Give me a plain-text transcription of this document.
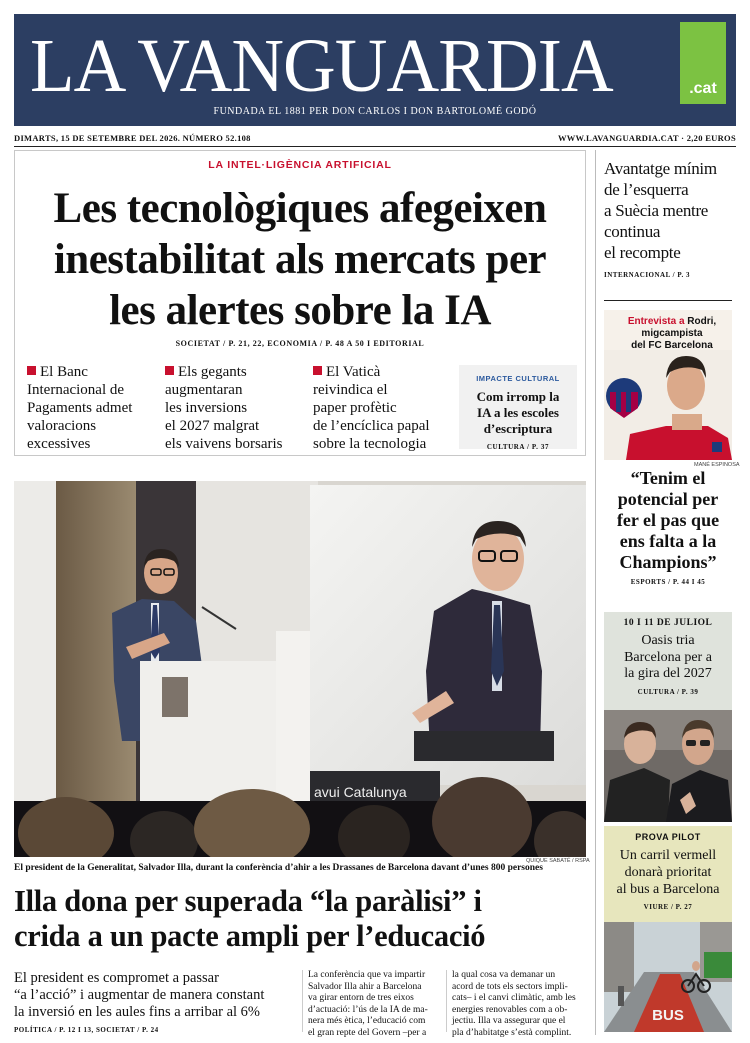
LA VANGUARDIA	.cat
FUNDADA EL 1881 PER DON CARLOS I DON BARTOLOMÉ GODÓ
DIMARTS, 15 DE SETEMBRE DEL 2026. NÚMERO 52.108	WWW.LAVANGUARDIA.CAT · 2,20 EUROS
LA INTEL·LIGÈNCIA ARTIFICIAL
Les tecnològiques afegeixen
inestabilitat als mercats per
les alertes sobre la IA
SOCIETAT / P. 21, 22, ECONOMIA / P. 48 A 50 I EDITORIAL
El Banc
Internacional de
Pagaments admet
valoracions
excessives
Els gegants
augmentaran
les inversions
el 2027 malgrat
els vaivens borsaris
El Vaticà
reivindica el
paper profètic
de l’encíclica papal
sobre la tecnologia
IMPACTE CULTURAL
Com irromp la
IA a les escoles
d’escriptura
CULTURA / P. 37
avui Catalunya
QUIQUE SABATÉ / RSPA
El president de la Generalitat, Salvador Illa, durant la conferència d’ahir a les Drassanes de Barcelona davant d’unes 800 persones
Illa dona per superada “la paràlisi” i
crida a un pacte ampli per l’educació
El president es compromet a passar
“a l’acció” i augmentar de manera constant
la inversió en les aules fins a arribar al 6%
POLÍTICA / P. 12 I 13, SOCIETAT / P. 24
La conferència que va impartir
Salvador Illa ahir a Barcelona
va girar entorn de tres eixos
d’actuació: l’ús de la IA de ma-
nera més ètica, l’educació com
el gran repte del Govern –per a
la qual cosa va demanar un
acord de tots els sectors impli-
cats– i el canvi climàtic, amb les
energies renovables com a ob-
jectiu. Illa va assegurar que el
pla d’habitatge s’està complint.
Avantatge mínim
de l’esquerra
a Suècia mentre
continua
el recompte
INTERNACIONAL / P. 3
Entrevista a Rodri,
migcampista
del FC Barcelona
MANÉ ESPINOSA
“Tenim el
potencial per
fer el pas que
ens falta a la
Champions”
ESPORTS / P. 44 I 45
10 I 11 DE JULIOL
Oasis tria
Barcelona per a
la gira del 2027
CULTURA / P. 39
PROVA PILOT
Un carril vermell
donarà prioritat
al bus a Barcelona
VIURE / P. 27
BUS
